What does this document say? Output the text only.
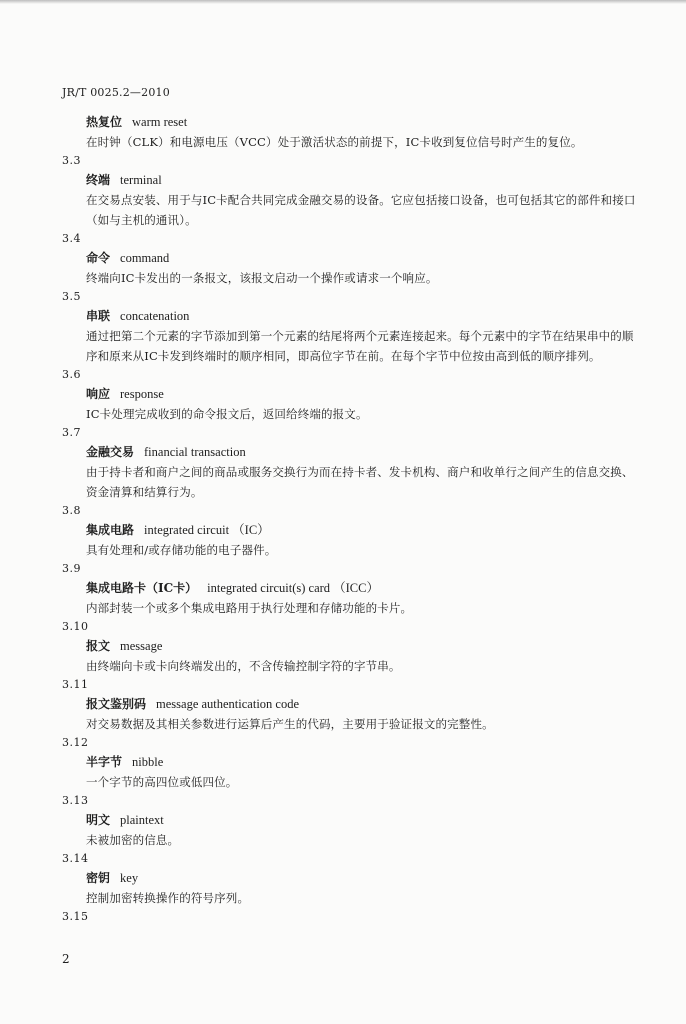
JR/T 0025.2—2010
热复位 warm reset
在时钟（CLK）和电源电压（VCC）处于激活状态的前提下，IC卡收到复位信号时产生的复位。
3.3
终端 terminal
在交易点安装、用于与IC卡配合共同完成金融交易的设备。它应包括接口设备，也可包括其它的部件和接口（如与主机的通讯）。
3.4
命令 command
终端向IC卡发出的一条报文，该报文启动一个操作或请求一个响应。
3.5
串联 concatenation
通过把第二个元素的字节添加到第一个元素的结尾将两个元素连接起来。每个元素中的字节在结果串中的顺序和原来从IC卡发到终端时的顺序相同，即高位字节在前。在每个字节中位按由高到低的顺序排列。
3.6
响应 response
IC卡处理完成收到的命令报文后，返回给终端的报文。
3.7
金融交易 financial transaction
由于持卡者和商户之间的商品或服务交换行为而在持卡者、发卡机构、商户和收单行之间产生的信息交换、资金清算和结算行为。
3.8
集成电路 integrated circuit （IC）
具有处理和/或存储功能的电子器件。
3.9
集成电路卡（IC卡） integrated circuit(s) card （ICC）
内部封装一个或多个集成电路用于执行处理和存储功能的卡片。
3.10
报文 message
由终端向卡或卡向终端发出的，不含传输控制字符的字节串。
3.11
报文鉴别码 message authentication code
对交易数据及其相关参数进行运算后产生的代码，主要用于验证报文的完整性。
3.12
半字节 nibble
一个字节的高四位或低四位。
3.13
明文 plaintext
未被加密的信息。
3.14
密钥 key
控制加密转换操作的符号序列。
3.15
2
